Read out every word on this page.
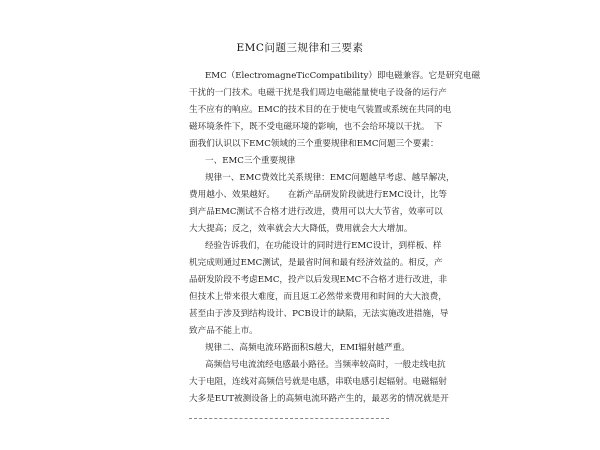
EMC问题三规律和三要素
EMC（ElectromagneTicCompatibility）即电磁兼容。它是研究电磁
干扰的一门技术。电磁干扰是我们周边电磁能量使电子设备的运行产
生不应有的响应。EMC的技术目的在于使电气装置或系统在共同的电
磁环境条件下，既不受电磁环境的影响，也不会给环境以干扰。　下
面我们认识以下EMC领域的三个重要规律和EMC问题三个要素：
一、EMC三个重要规律
规律一、EMC费效比关系规律：EMC问题越早考虑、越早解决，
费用越小、效果越好。　　在新产品研发阶段就进行EMC设计，比等
到产品EMC测试不合格才进行改进，费用可以大大节省，效率可以
大大提高；反之，效率就会大大降低，费用就会大大增加。
经验告诉我们，在功能设计的同时进行EMC设计，到样板、样
机完成则通过EMC测试，是最省时间和最有经济效益的。相反，产
品研发阶段不考虑EMC，投产以后发现EMC不合格才进行改进，非
但技术上带来很大难度，而且返工必然带来费用和时间的大大浪费，
甚至由于涉及到结构设计、PCB设计的缺陷，无法实施改进措施，导
致产品不能上市。
规律二、高频电流环路面积S越大，EMI辐射越严重。
高频信号电流流经电感最小路径。当频率较高时，一般走线电抗
大于电阻，连线对高频信号就是电感，串联电感引起辐射。电磁辐射
大多是EUT被测设备上的高频电流环路产生的，最恶劣的情况就是开
